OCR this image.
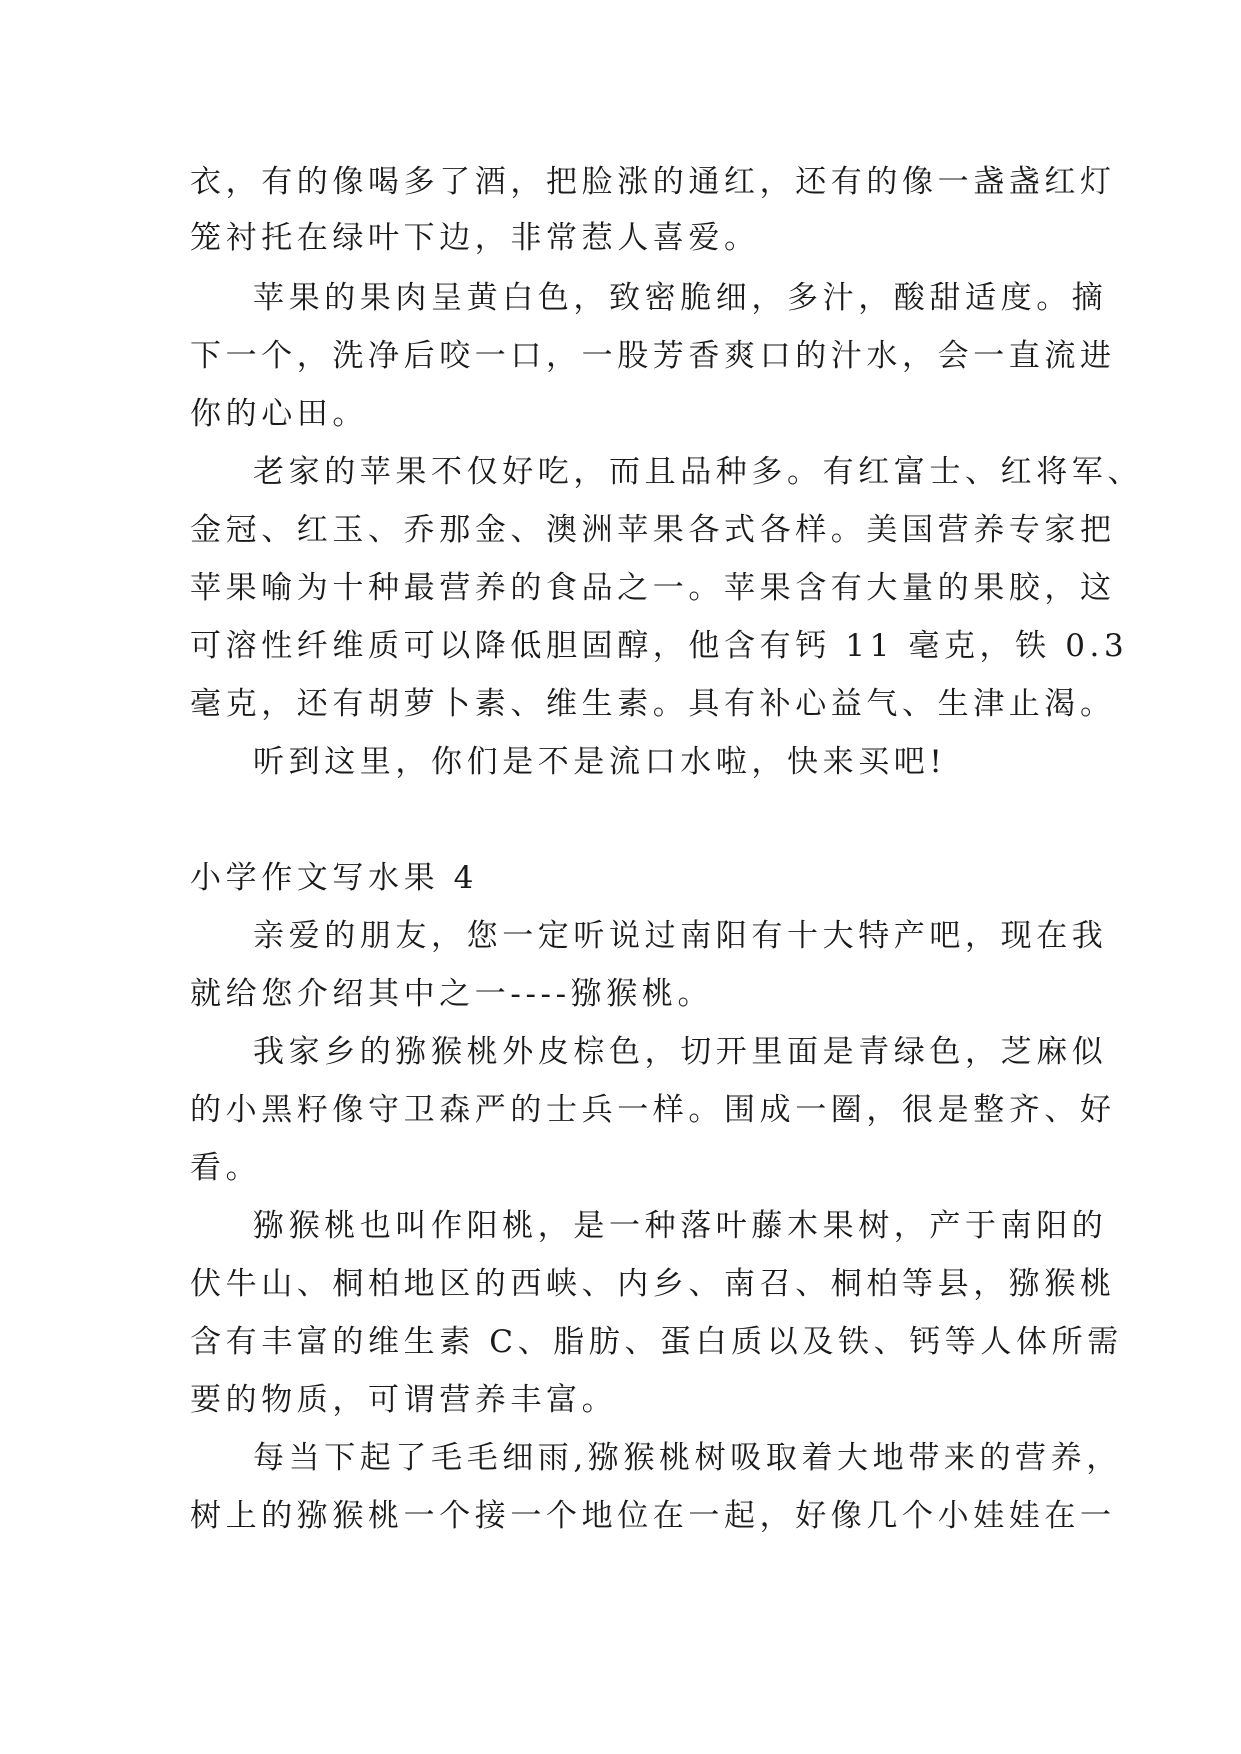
衣，有的像喝多了酒，把脸涨的通红，还有的像一盏盏红灯
笼衬托在绿叶下边，非常惹人喜爱。
苹果的果肉呈黄白色，致密脆细，多汁，酸甜适度。摘
下一个，洗净后咬一口，一股芳香爽口的汁水，会一直流进
你的心田。
老家的苹果不仅好吃，而且品种多。有红富士、红将军、
金冠、红玉、乔那金、澳洲苹果各式各样。美国营养专家把
苹果喻为十种最营养的食品之一。苹果含有大量的果胶，这
可溶性纤维质可以降低胆固醇，他含有钙 11 毫克，铁 0.3
毫克，还有胡萝卜素、维生素。具有补心益气、生津止渴。
听到这里，你们是不是流口水啦，快来买吧!
小学作文写水果 4
亲爱的朋友，您一定听说过南阳有十大特产吧，现在我
就给您介绍其中之一----猕猴桃。
我家乡的猕猴桃外皮棕色，切开里面是青绿色，芝麻似
的小黑籽像守卫森严的士兵一样。围成一圈，很是整齐、好
看。
猕猴桃也叫作阳桃，是一种落叶藤木果树，产于南阳的
伏牛山、桐柏地区的西峡、内乡、南召、桐柏等县，猕猴桃
含有丰富的维生素 C、脂肪、蛋白质以及铁、钙等人体所需
要的物质，可谓营养丰富。
每当下起了毛毛细雨,猕猴桃树吸取着大地带来的营养，
树上的猕猴桃一个接一个地位在一起，好像几个小娃娃在一
